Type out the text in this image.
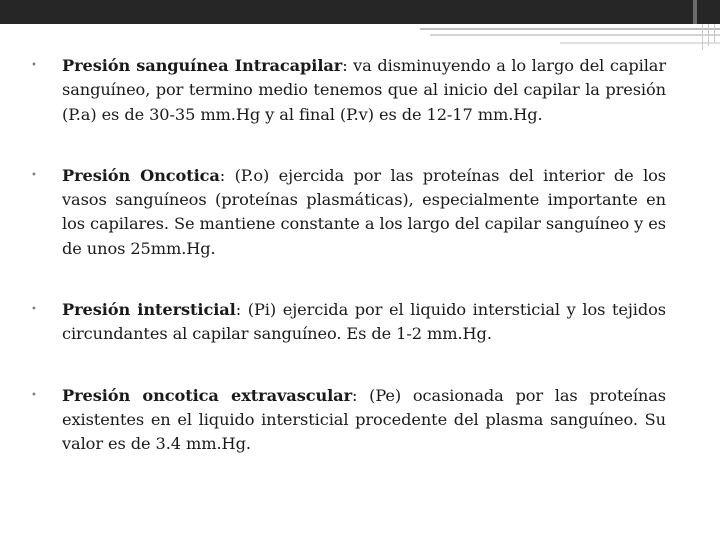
•	Presión sanguínea Intracapilar: va disminuyendo a lo largo del capilar sanguíneo, por termino medio tenemos que al inicio del capilar la presión (P.a) es de 30-35 mm.Hg y al final (P.v) es de 12-17 mm.Hg.
•	Presión Oncotica: (P.o) ejercida por las proteínas del interior de los vasos sanguíneos (proteínas plasmáticas), especialmente importante en los capilares. Se mantiene constante a los largo del capilar sanguíneo y es de unos 25mm.Hg.
•	Presión intersticial: (Pi) ejercida por el liquido intersticial y los tejidos circundantes al capilar sanguíneo. Es de 1-2 mm.Hg.
•	Presión oncotica extravascular: (Pe) ocasionada por las proteínas existentes en el liquido intersticial procedente del plasma sanguíneo. Su valor es de 3.4 mm.Hg.
